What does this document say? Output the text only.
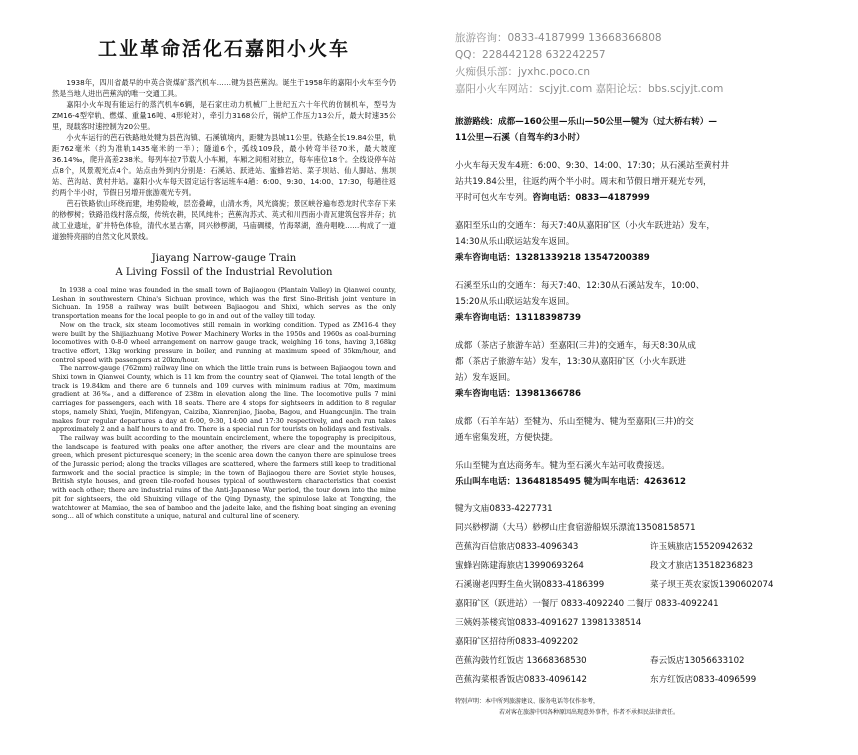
工业革命活化石嘉阳小火车

1938年，四川省最早的中英合资煤矿蒸汽机车……键为县芭蕉沟。诞生于1958年的嘉阳小火车至今仍然是当地人进出芭蕉沟的唯一交通工具。

嘉阳小火车现有能运行的蒸汽机车6辆，是石家庄动力机械厂上世纪五六十年代的仿制机车，型号为ZM16-4型窄轨、燃煤、重量16吨、4形轮对），牵引力3168公斤，锅炉工作压力13公斤，最大时速35公里，现载客时速控制为20公里。

小火车运行的芭石铁路地处犍为县芭沟镇、石溪镇境内，距犍为县城11公里。铁路全长19.84公里，轨距762毫米（约为准轨1435毫米的一半）；隧道6个，弧线109段，最小转弯半径70米，最大坡度36.14‰，爬升高差238米。每列车拉7节载人小车厢，车厢之间相对独立，每车座位18个。全线设停车站点8个，风景观光点4个。站点由外到内分别是：石溪站、跃进站、蜜蜂岩站、菜子坝站、仙人脚站、焦坝站、芭沟站、黄村井站。嘉阳小火车每天固定运行客运班车4趟：6:00、9:30、14:00、17:30，每趟往返约两个半小时，节假日另增开旅游观光专列。

芭石铁路依山环绕而建，地势险峻，层峦叠嶂，山清水秀，风光旖旎；景区峡谷遍布恐龙时代幸存下来的桫椤树；铁路沿线村落点缀，传统农耕，民风纯朴；芭蕉沟苏式、英式和川西南小青瓦建筑包容并存；抗战工业遗址，矿井特色体验，清代水星古寨，同兴桫椤湖，马庙碉楼，竹海翠湖，渔舟唱晚……构成了一道道独特亮丽的自然文化风景线。

Jiayang Narrow-gauge Train
A Living Fossil of the Industrial Revolution

In 1938 a coal mine was founded in the small town of Bajiaogou (Plantain Valley) in Qianwei county, Leshan in southwestern China's Sichuan province, which was the first Sino-British joint venture in Sichuan. In 1958 a railway was built between Bajiaogou and Shixi, which serves as the only transportation means for the local people to go in and out of the valley till today.

Now on the track, six steam locomotives still remain in working condition. Typed as ZM16-4 they were built by the Shijiazhuang Motive Power Machinery Works in the 1950s and 1960s as coal-burning locomotives with 0-8-0 wheel arrangement on narrow gauge track, weighing 16 tons, having 3,168kg tractive effort, 13kg working pressure in boiler, and running at maximum speed of 35km/hour, and control speed with passengers at 20km/hour.

The narrow-gauge (762mm) railway line on which the little train runs is between Bajiaogou town and Shixi town in Qianwei County, which is 11 km from the country seat of Qianwei. The total length of the track is 19.84km and there are 6 tunnels and 109 curves with minimum radius at 70m, maximum gradient at 36‰, and a difference of 238m in elevation along the line. The locomotive pulls 7 mini carriages for passengers, each with 18 seats. There are 4 stops for sightseers in addition to 8 regular stops, namely Shixi, Yuejin, Mifengyan, Caiziba, Xianrenjiao, Jiaoba, Bagou, and Huangcunjin. The train makes four regular departures a day at 6:00, 9:30, 14:00 and 17:30 respectively, and each run takes approximately 2 and a half hours to and fro. There is a special run for tourists on holidays and festivals.

The railway was built according to the mountain encirclement, where the topography is precipitous, the landscape is featured with peaks one after another, the rivers are clear and the mountains are green, which present picturesque scenery; in the scenic area down the canyon there are spinulose trees of the Jurassic period; along the tracks villages are scattered, where the farmers still keep to traditional farmwork and the social practice is simple; in the town of Bajiaogou there are Soviet style houses, British style houses, and green tile-roofed houses typical of southwestern characteristics that coexist with each other; there are industrial ruins of the Anti-Japanese War period, the tour down into the mine pit for sightseers, the old Shuixing village of the Qing Dynasty, the spinulose lake at Tongxing, the watchtower at Mamiao, the sea of bamboo and the jadeite lake, and the fishing boat singing an evening song… all of which constitute a unique, natural and cultural line of scenery.

旅游咨询：0833-4187999 13668366808
QQ：228442128 632242257
火痴俱乐部：jyxhc.poco.cn
嘉阳小火车网站：scjyjt.com 嘉阳论坛：bbs.scjyjt.com
旅游路线：成都—160公里—乐山—50公里—犍为（过大桥右转）—
11公里—石溪（自驾车约3小时）
小火车每天发车4班：6:00、9:30、14:00、17:30；从石溪站至黄村井
站共19.84公里，往返约两个半小时。周末和节假日增开观光专列，
平时可包火车专列。咨询电话：0833—4187999
嘉阳至乐山的交通车：每天7:40从嘉阳矿区（小火车跃进站）发车，
14:30从乐山联运站发车返回。
乘车咨询电话：13281339218 13547200389
石溪至乐山的交通车：每天7:40、12:30从石溪站发车，10:00、
15:20从乐山联运站发车返回。
乘车咨询电话：13118398739
成都（茶店子旅游车站）至嘉阳(三井)的交通车，每天8:30从成
都（茶店子旅游车站）发车，13:30从嘉阳矿区（小火车跃进
站）发车返回。
乘车咨询电话：13981366786
成都（石羊车站）至犍为、乐山至犍为、犍为至嘉阳(三井)的交
通车密集发班，方便快捷。
乐山至犍为直达商务车。犍为至石溪火车站可收费接送。
乐山叫车电话：13648185495 犍为叫车电话：4263612
犍为文庙0833-4227731
同兴桫椤湖（大马）桫椤山庄食宿游船娱乐漂流13508158571
芭蕉沟百信旅店0833-4096343	许玉姨旅店15520942632
蜜蜂岩陈建海旅店13990693264	段文才旅店13518236823
石溪谢老四野生鱼火锅0833-4186399	菜子坝王英农家饭1390602074
嘉阳矿区（跃进站）一餐厅 0833-4092240 二餐厅 0833-4092241
三姨妈茶楼宾馆0833-4091627 13981338514
嘉阳矿区招待所0833-4092202
芭蕉沟鼓竹红饭店 13668368530	春云饭店13056633102
芭蕉沟菜根香饭店0833-4096142	东方红饭店0833-4096599
特别声明：本中所列旅游建议、服务电话等仅作参考，
若对客在旅游中因各种原因出现意外事件，作者不承担民法律责任。
